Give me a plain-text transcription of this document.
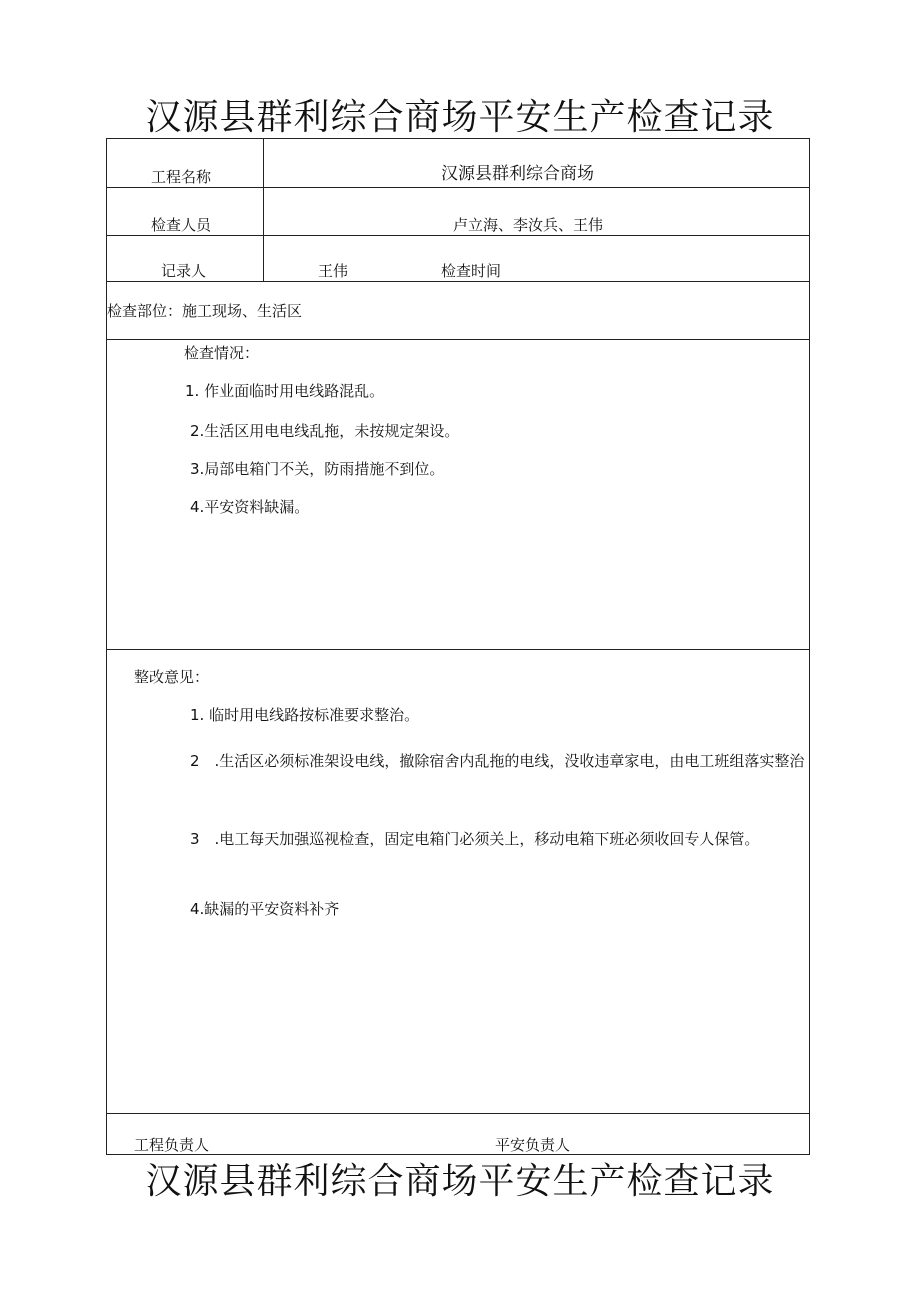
汉源县群利综合商场平安生产检查记录
工程名称	汉源县群利综合商场
检查人员	卢立海、李汝兵、王伟
记录人	王伟	检查时间
检查部位：施工现场、生活区
检查情况：
1. 作业面临时用电线路混乱。
2.生活区用电电线乱拖，未按规定架设。
3.局部电箱门不关，防雨措施不到位。
4.平安资料缺漏。
整改意见：
1. 临时用电线路按标准要求整治。
2　.生活区必须标准架设电线，撤除宿舍内乱拖的电线，没收违章家电，由电工班组落实整治
3　.电工每天加强巡视检查，固定电箱门必须关上，移动电箱下班必须收回专人保管。
4.缺漏的平安资料补齐
工程负责人	平安负责人
汉源县群利综合商场平安生产检查记录
